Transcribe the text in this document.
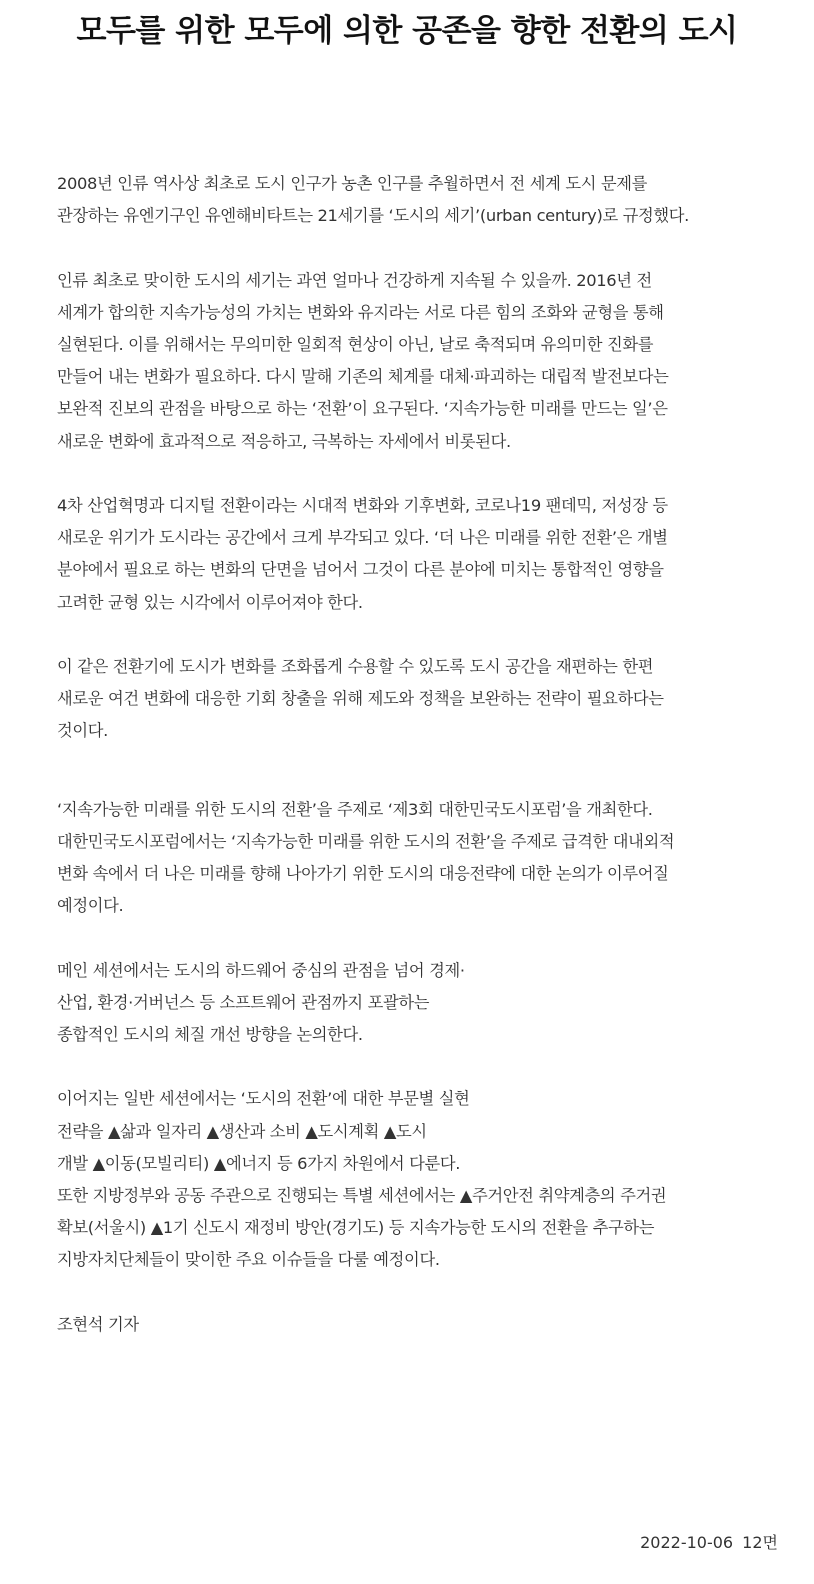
모두를 위한 모두에 의한 공존을 향한 전환의 도시

2008년 인류 역사상 최초로 도시 인구가 농촌 인구를 추월하면서 전 세계 도시 문제를
관장하는 유엔기구인 유엔해비타트는 21세기를 ‘도시의 세기’(urban century)로 규정했다.

인류 최초로 맞이한 도시의 세기는 과연 얼마나 건강하게 지속될 수 있을까. 2016년 전
세계가 합의한 지속가능성의 가치는 변화와 유지라는 서로 다른 힘의 조화와 균형을 통해
실현된다. 이를 위해서는 무의미한 일회적 현상이 아닌, 날로 축적되며 유의미한 진화를
만들어 내는 변화가 필요하다. 다시 말해 기존의 체계를 대체·파괴하는 대립적 발전보다는
보완적 진보의 관점을 바탕으로 하는 ‘전환’이 요구된다. ‘지속가능한 미래를 만드는 일’은
새로운 변화에 효과적으로 적응하고, 극복하는 자세에서 비롯된다.

4차 산업혁명과 디지털 전환이라는 시대적 변화와 기후변화, 코로나19 팬데믹, 저성장 등
새로운 위기가 도시라는 공간에서 크게 부각되고 있다. ‘더 나은 미래를 위한 전환’은 개별
분야에서 필요로 하는 변화의 단면을 넘어서 그것이 다른 분야에 미치는 통합적인 영향을
고려한 균형 있는 시각에서 이루어져야 한다.

이 같은 전환기에 도시가 변화를 조화롭게 수용할 수 있도록 도시 공간을 재편하는 한편
새로운 여건 변화에 대응한 기회 창출을 위해 제도와 정책을 보완하는 전략이 필요하다는
것이다.

‘지속가능한 미래를 위한 도시의 전환’을 주제로 ‘제3회 대한민국도시포럼’을 개최한다.
대한민국도시포럼에서는 ‘지속가능한 미래를 위한 도시의 전환’을 주제로 급격한 대내외적
변화 속에서 더 나은 미래를 향해 나아가기 위한 도시의 대응전략에 대한 논의가 이루어질
예정이다.

메인 세션에서는 도시의 하드웨어 중심의 관점을 넘어 경제·
산업, 환경·거버넌스 등 소프트웨어 관점까지 포괄하는
종합적인 도시의 체질 개선 방향을 논의한다.

이어지는 일반 세션에서는 ‘도시의 전환’에 대한 부문별 실현
전략을 ▲삶과 일자리 ▲생산과 소비 ▲도시계획 ▲도시
개발 ▲이동(모빌리티) ▲에너지 등 6가지 차원에서 다룬다.
또한 지방정부와 공동 주관으로 진행되는 특별 세션에서는 ▲주거안전 취약계층의 주거권
확보(서울시) ▲1기 신도시 재정비 방안(경기도) 등 지속가능한 도시의 전환을 추구하는
지방자치단체들이 맞이한 주요 이슈들을 다룰 예정이다.

조현석 기자

2022-10-06 12면
